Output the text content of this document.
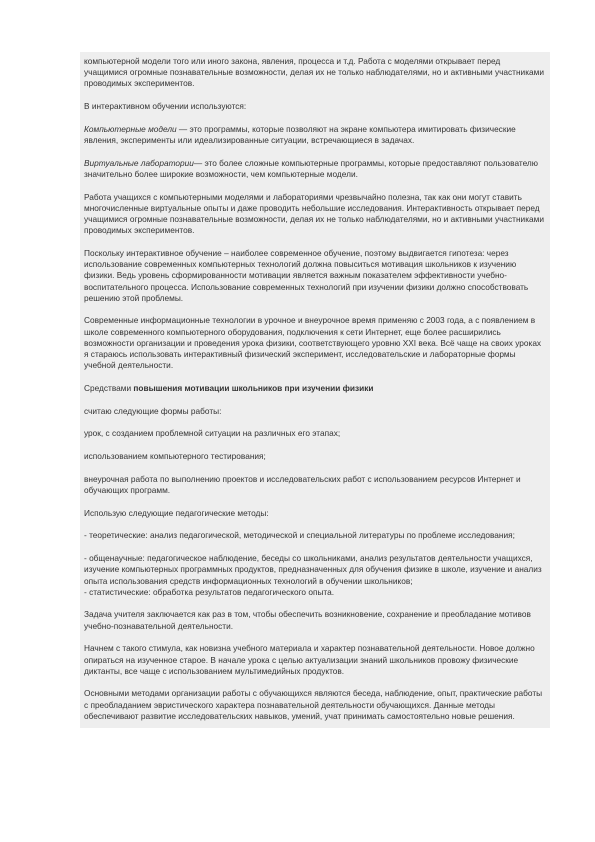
компьютерной модели того или иного закона, явления, процесса и т.д. Работа с моделями открывает перед учащимися огромные познавательные возможности, делая их не только наблюдателями, но и активными участниками проводимых экспериментов.

В интерактивном обучении используются:

Компьютерные модели — это программы, которые позволяют на экране компьютера имитировать физические явления, эксперименты или идеализированные ситуации, встречающиеся в задачах.

Виртуальные лаборатории— это более сложные компьютерные программы, которые предоставляют пользователю значительно более широкие возможности, чем компьютерные модели.

Работа учащихся с компьютерными моделями и лабораториями чрезвычайно полезна, так как они могут ставить многочисленные виртуальные опыты и даже проводить небольшие исследования. Интерактивность открывает перед учащимися огромные познавательные возможности, делая их не только наблюдателями, но и активными участниками проводимых экспериментов.

Поскольку интерактивное обучение – наиболее современное обучение, поэтому выдвигается гипотеза: через использование современных компьютерных технологий должна повыситься мотивация школьников к изучению физики. Ведь уровень сформированности мотивации является важным показателем эффективности учебно-воспитательного процесса. Использование современных технологий при изучении физики должно способствовать решению этой проблемы.

Современные информационные технологии в урочное и внеурочное время применяю с 2003 года, а с появлением в школе современного компьютерного оборудования, подключения к сети Интернет, еще более расширились возможности организации и проведения урока физики, соответствующего уровню XXI века. Всё чаще на своих уроках я стараюсь использовать интерактивный физический эксперимент, исследовательские и лабораторные формы учебной деятельности.

Средствами повышения мотивации школьников при изучении физики

считаю следующие формы работы:

урок, с созданием проблемной ситуации на различных его этапах;

использованием компьютерного тестирования;

внеурочная работа по выполнению проектов и исследовательских работ с использованием ресурсов Интернет и обучающих программ.

Использую следующие педагогические методы:

- теоретические: анализ педагогической, методической и специальной литературы по проблеме исследования;

- общенаучные: педагогическое наблюдение, беседы со школьниками, анализ результатов деятельности учащихся, изучение компьютерных программных продуктов, предназначенных для обучения физике в школе, изучение и анализ опыта использования средств информационных технологий в обучении школьников;

- статистические: обработка результатов педагогического опыта.

Задача учителя заключается как раз в том, чтобы обеспечить возникновение, сохранение и преобладание мотивов учебно-познавательной деятельности.

Начнем с такого стимула, как новизна учебного материала и характер познавательной деятельности. Новое должно опираться на изученное старое. В начале урока с целью актуализации знаний школьников провожу физические диктанты, все чаще с использованием мультимедийных продуктов.

Основными методами организации работы с обучающихся являются беседа, наблюдение, опыт, практические работы с преобладанием эвристического характера познавательной деятельности обучающихся. Данные методы обеспечивают развитие исследовательских навыков, умений, учат принимать самостоятельно новые решения.
